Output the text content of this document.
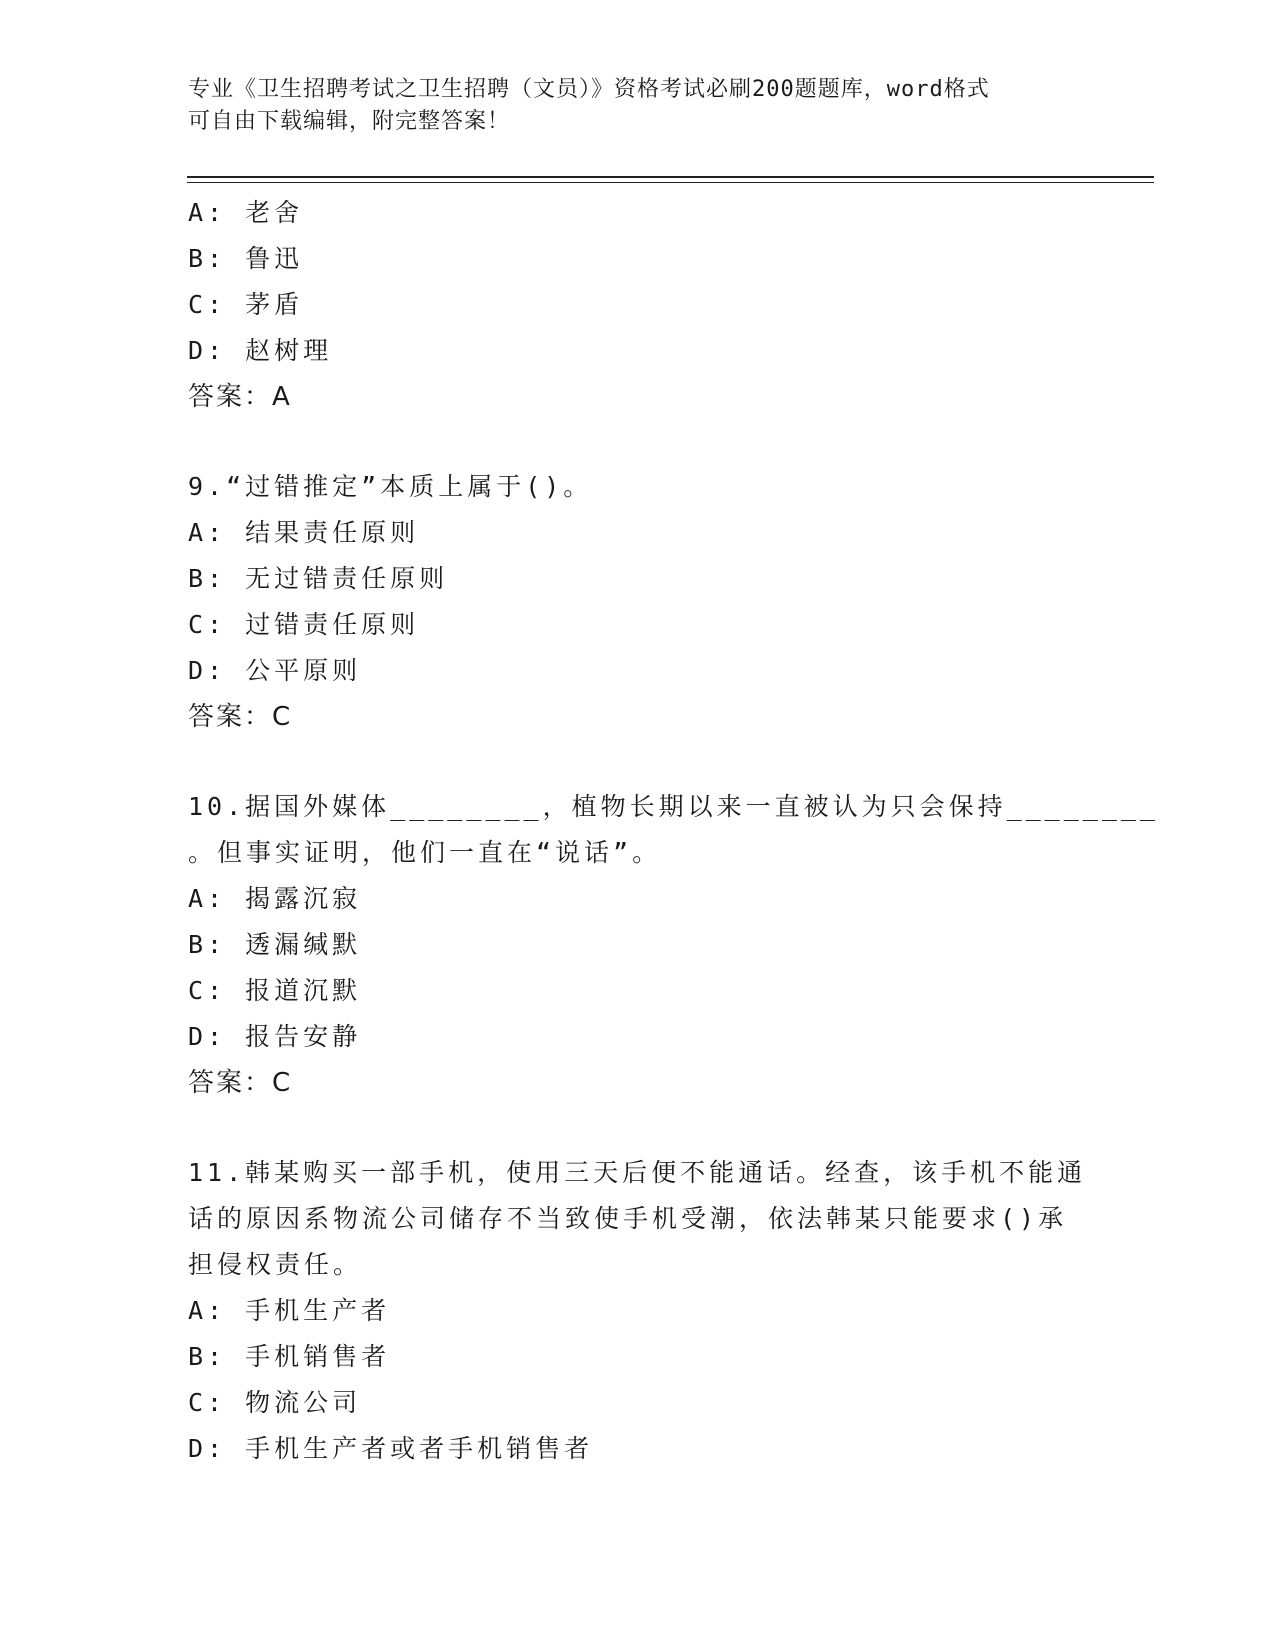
专业《卫生招聘考试之卫生招聘（文员）》资格考试必刷200题题库，word格式
可自由下载编辑，附完整答案！
A: 老舍
B: 鲁迅
C: 茅盾
D: 赵树理
答案：A
9.“过错推定”本质上属于()。
A: 结果责任原则
B: 无过错责任原则
C: 过错责任原则
D: 公平原则
答案：C
10.据国外媒体________，植物长期以来一直被认为只会保持________
。但事实证明，他们一直在“说话”。
A: 揭露沉寂
B: 透漏缄默
C: 报道沉默
D: 报告安静
答案：C
11.韩某购买一部手机，使用三天后便不能通话。经查，该手机不能通
话的原因系物流公司储存不当致使手机受潮，依法韩某只能要求()承
担侵权责任。
A: 手机生产者
B: 手机销售者
C: 物流公司
D: 手机生产者或者手机销售者
